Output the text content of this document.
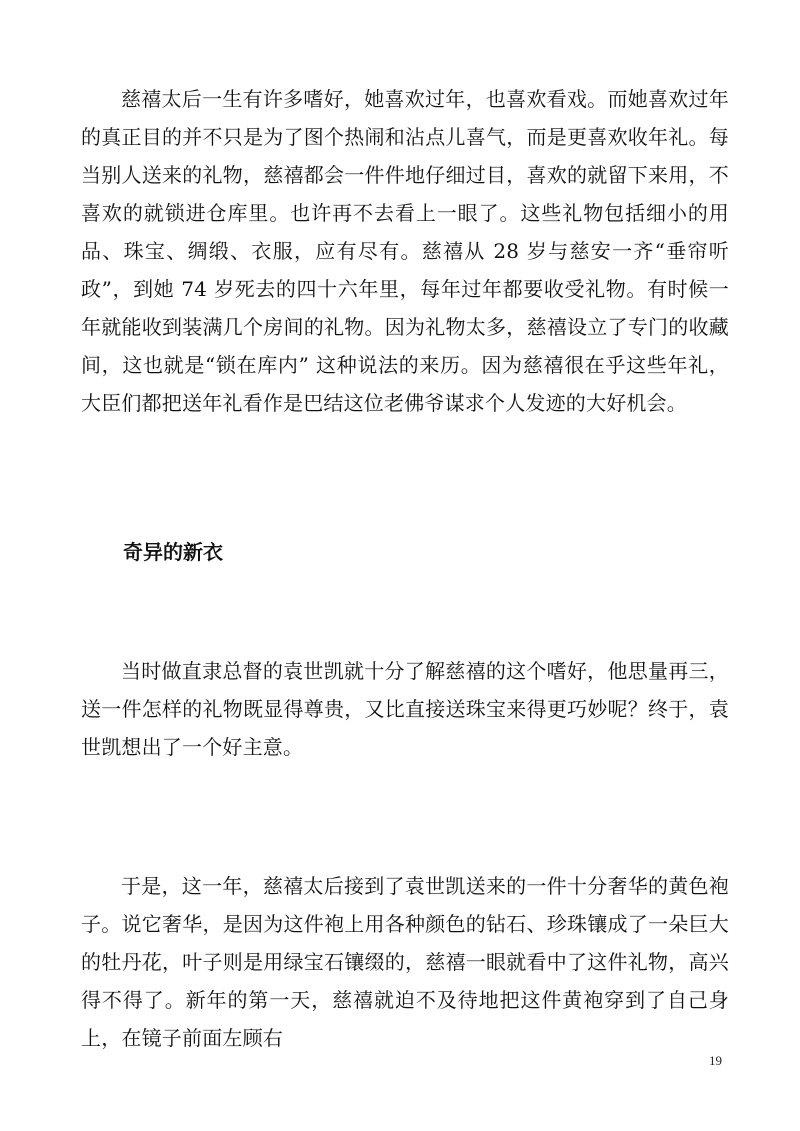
慈禧太后一生有许多嗜好，她喜欢过年，也喜欢看戏。而她喜欢过年的真正目的并不只是为了图个热闹和沾点儿喜气，而是更喜欢收年礼。每当别人送来的礼物，慈禧都会一件件地仔细过目，喜欢的就留下来用，不喜欢的就锁进仓库里。也许再不去看上一眼了。这些礼物包括细小的用品、珠宝、绸缎、衣服，应有尽有。慈禧从 28 岁与慈安一齐“垂帘听政”，到她 74 岁死去的四十六年里，每年过年都要收受礼物。有时候一年就能收到装满几个房间的礼物。因为礼物太多，慈禧设立了专门的收藏间，这也就是“锁在库内” 这种说法的来历。因为慈禧很在乎这些年礼，大臣们都把送年礼看作是巴结这位老佛爷谋求个人发迹的大好机会。

奇异的新衣

当时做直隶总督的袁世凯就十分了解慈禧的这个嗜好，他思量再三，送一件怎样的礼物既显得尊贵，又比直接送珠宝来得更巧妙呢？终于，袁世凯想出了一个好主意。

于是，这一年，慈禧太后接到了袁世凯送来的一件十分奢华的黄色袍子。说它奢华，是因为这件袍上用各种颜色的钻石、珍珠镶成了一朵巨大的牡丹花，叶子则是用绿宝石镶缀的，慈禧一眼就看中了这件礼物，高兴得不得了。新年的第一天，慈禧就迫不及待地把这件黄袍穿到了自己身上，在镜子前面左顾右

19
